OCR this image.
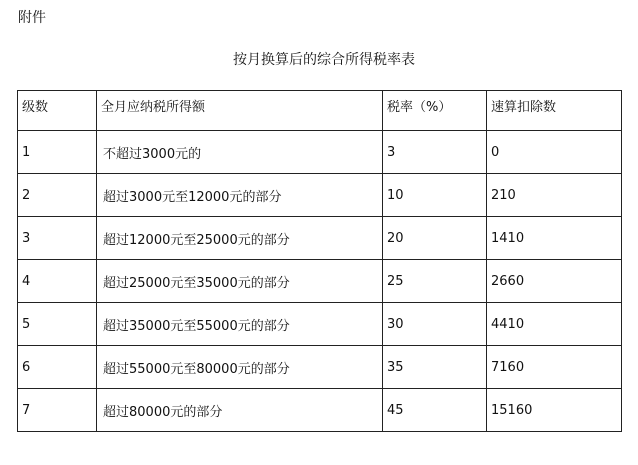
附件
按月换算后的综合所得税率表
级数	全月应纳税所得额	税率（%）	速算扣除数
1	不超过3000元的	3	0
2	超过3000元至12000元的部分	10	210
3	超过12000元至25000元的部分	20	1410
4	超过25000元至35000元的部分	25	2660
5	超过35000元至55000元的部分	30	4410
6	超过55000元至80000元的部分	35	7160
7	超过80000元的部分	45	15160
